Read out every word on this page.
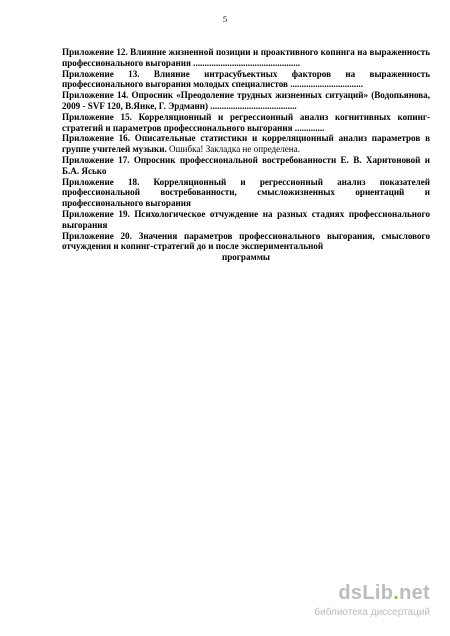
5

Приложение 12. Влияние жизненной позиции и проактивного копинга на выраженность профессионального выгорания ...............................................

Приложение 13. Влияние интрасубъектных факторов на выраженность профессионального выгорания молодых специалистов ................................

Приложение 14. Опросник «Преодоление трудных жизненных ситуаций» (Водопьянова, 2009 - SVF 120, В.Янке, Г. Эрдманн) ......................................

Приложение 15. Корреляционный и регрессионный анализ когнитивных копинг-стратегий и параметров профессионального выгорания .............

Приложение 16. Описательные статистики и корреляционный анализ параметров в группе учителей музыки. Ошибка! Закладка не определена.

Приложение 17. Опросник профессиональной востребованности Е. В. Харитоновой и Б.А. Ясько

Приложение 18. Корреляционный и регрессионный анализ показателей профессиональной востребованности, смысложизненных ориентаций и профессионального выгорания

Приложение 19. Психологическое отчуждение на разных стадиях профессионального выгорания

Приложение 20. Значения параметров профессионального выгорания, смыслового отчуждения и копинг-стратегий до и после экспериментальной
программы

dsLib.net
библиотека диссертаций
